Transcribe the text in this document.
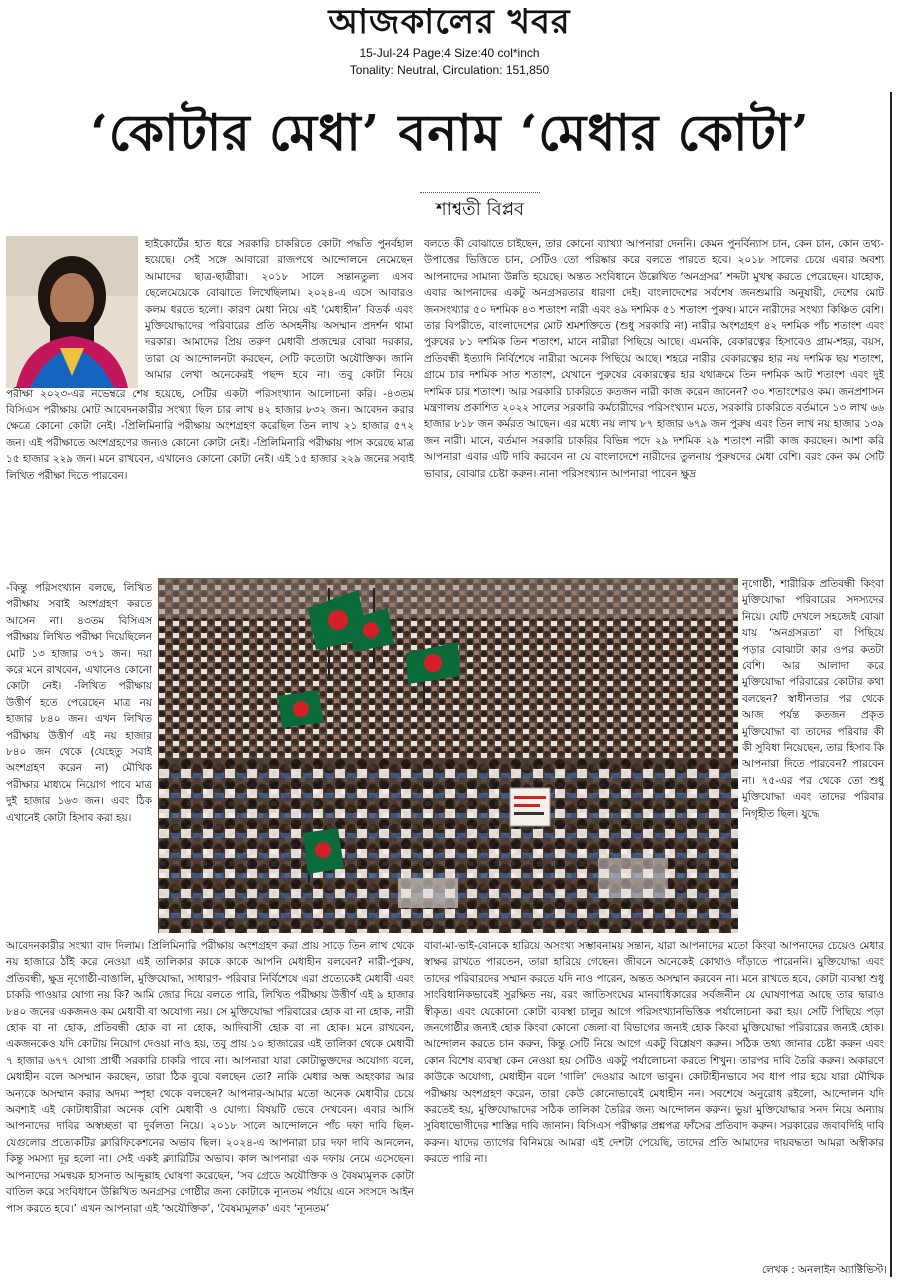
আজকালের খবর
15-Jul-24 Page:4 Size:40 col*inch
Tonality: Neutral, Circulation: 151,850
‘কোটার মেধা’ বনাম ‘মেধার কোটা’
শাশ্বতী বিপ্লব

হাইকোর্টের হাত ধরে সরকারি চাকরিতে কোটা পদ্ধতি পুনর্বহাল হয়েছে। সেই সঙ্গে আবারো রাজপথে আন্দোলনে নেমেছেন আমাদের ছাত্র-ছাত্রীরা। ২০১৮ সালে সন্তানতুল্য এসব ছেলেমেয়েকে বোঝাতে লিখেছিলাম। ২০২৪-এ এসে আবারও কলম ধরতে হলো। কারণ মেধা নিয়ে এই ‘মেধাহীন’ বিতর্ক এবং মুক্তিযোদ্ধাদের পরিবারের প্রতি অসহনীয় অসম্মান প্রদর্শন থামা দরকার। আমাদের প্রিয় তরুণ মেধাবী প্রজন্মের বোঝা দরকার, তারা যে আন্দোলনটা করছেন, সেটি কতোটা অযৌক্তিক। জানি আমার লেখা অনেকেরই পছন্দ হবে না। তবু কোটা নিয়ে

বলতে কী বোঝাতে চাইছেন, তার কোনো ব্যাখ্যা আপনারা দেননি। কেমন পুনর্বিন্যাস চান, কেন চান, কোন তথ্য-উপাত্তের ভিত্তিতে চান, সেটিও তো পরিষ্কার করে বলতে পারতে হবে। ২০১৮ সালের চেয়ে এবার অবশ্য আপনাদের সামান্য উন্নতি হয়েছে। অন্তত সংবিধানে উল্লেখিত ‘অনগ্রসর’ শব্দটা মুখস্থ করতে পেরেছেন। যাহোক, এবার আপনাদের একটু অনগ্রসরতার ধারণা দেই। বাংলাদেশের সর্বশেষ জনশুমারি অনুযায়ী, দেশের মোট জনসংখ্যার ৫০ দশমিক ৪৩ শতাংশ নারী এবং ৪৯ দশমিক ৫১ শতাংশ পুরুষ। মানে নারীদের সংখ্যা কিঞ্চিত বেশি। তার বিপরীতে, বাংলাদেশের মোট শ্রমশক্তিতে (শুধু সরকারি না) নারীর অংশগ্রহণ ৪২ দশমিক পাঁচ শতাংশ এবং পুরুষের ৮১ দশমিক তিন শতাংশ, মানে নারীরা পিছিয়ে আছে। এমনকি, বেকারত্বের হিসাবেও গ্রাম-শহর, বয়স, প্রতিবন্ধী ইত্যাদি নির্বিশেষে নারীরা অনেক পিছিয়ে আছে। শহরে নারীর বেকারত্বের হার নয় দশমিক ছয় শতাংশ, গ্রামে চার দশমিক সাত শতাংশ, যেখানে পুরুষের বেকারত্বের হার যথাক্রমে তিন দশমিক আট শতাংশ এবং দুই দশমিক চার শতাংশ। আর সরকারি চাকরিতে কতজন নারী কাজ করেন জানেন? ৩০ শতাংশেরও কম। জনপ্রশাসন মন্ত্রণালয় প্রকাশিত ২০২২ সালের সরকারি কর্মচারীদের পরিসংখ্যান মতে, সরকারি চাকরিতে বর্তমানে ১৩ লাখ ৬৬ হাজার ৮১৮ জন কর্মরত আছেন। এর মধ্যে নয় লাখ ৮৭ হাজার ৬৭৯ জন পুরুষ এবং তিন লাখ নয় হাজার ১৩৯ জন নারী। মানে, বর্তমান সরকারি চাকরির বিভিন্ন পদে ২৯ দশমিক ২৯ শতাংশ নারী কাজ করছেন। আশা করি আপনারা এবার এটি দাবি করবেন না যে বাংলাদেশে নারীদের তুলনায় পুরুষদের মেধা বেশি। বরং কেন কম সেটি ভাবার, বোঝার চেষ্টা করুন। নানা পরিসংখ্যান আপনারা পাবেন ক্ষুদ্র

পরীক্ষা ২০২৩-এর নভেম্বরে শেষ হয়েছে, সেটির একটা পরিসংখ্যান আলোচনা করি। -৪৩তম বিসিএস পরীক্ষায় মোট আবেদনকারীর সংখ্যা ছিল চার লাখ ৪২ হাজার ৮৩২ জন। আবেদন করার ক্ষেত্রে কোনো কোটা নেই। -প্রিলিমিনারি পরীক্ষায় অংশগ্রহণ করেছিল তিন লাখ ২১ হাজার ৫৭২ জন। এই পরীক্ষাতে অংশগ্রহণের জন্যও কোনো কোটা নেই। -প্রিলিমিনারি পরীক্ষায় পাস করেছে মাত্র ১৫ হাজার ২২৯ জন। মনে রাখবেন, এখানেও কোনো কোটা নেই। এই ১৫ হাজার ২২৯ জনের সবাই লিখিত পরীক্ষা দিতে পারবেন।

-কিন্তু পরিসংখ্যান বলছে, লিখিত পরীক্ষায় সবাই অংশগ্রহণ করতে আসেন না। ৪৩তম বিসিএস পরীক্ষায় লিখিত পরীক্ষা দিয়েছিলেন মোট ১৩ হাজার ৩৭১ জন। দয়া করে মনে রাখবেন, এখানেও কোনো কোটা নেই। -লিখিত পরীক্ষায় উত্তীর্ণ হতে পেরেছেন মাত্র নয় হাজার ৮৪০ জন। এখন লিখিত পরীক্ষায় উত্তীর্ণ এই নয় হাজার ৮৪০ জন থেকে (যেহেতু সবাই অংশগ্রহণ করেন না) মৌখিক পরীক্ষার মাধ্যমে নিয়োগ পাবে মাত্র দুই হাজার ১৬৩ জন। এবং ঠিক এখানেই কোটা হিসাব করা হয়।

নৃগোষ্ঠী, শারীরিক প্রতিবন্ধী কিংবা মুক্তিযোদ্ধা পরিবারের সদস্যদের নিয়ে। যেটি দেখলে সহজেই বোঝা যায় ‘অনগ্রসরতা’ বা পিছিয়ে পড়ার বোঝাটা কার ওপর কতটা বেশি। আর আলাদা করে মুক্তিযোদ্ধা পরিবারের কোটার কথা বলছেন? স্বাধীনতার পর থেকে আজ পর্যন্ত কতজন প্রকৃত মুক্তিযোদ্ধা বা তাদের পরিবার কী কী সুবিধা নিয়েছেন, তার হিসাব কি আপনারা দিতে পারবেন? পারবেন না। ৭৫-এর পর থেকে তো শুধু মুক্তিযোদ্ধা এবং তাদের পরিবার নিগৃহীত ছিল। যুদ্ধে

আবেদনকারীর সংখ্যা বাদ দিলাম। প্রিলিমিনারি পরীক্ষায় অংশগ্রহণ করা প্রায় সাড়ে তিন লাখ থেকে নয় হাজারে ঠাঁই করে নেওয়া এই তালিকার কাকে কাকে আপনি মেধাহীন বলবেন? নারী-পুরুষ, প্রতিবন্ধী, ক্ষুদ্র নৃগোষ্ঠী-বাঙালি, মুক্তিযোদ্ধা, সাধারণ- পরিবার নির্বিশেষে এরা প্রত্যেকেই মেধাবী এবং চাকরি পাওয়ার যোগ্য নয় কি? আমি জোর দিয়ে বলতে পারি, লিখিত পরীক্ষায় উত্তীর্ণ এই ৯ হাজার ৮৪০ জনের একজনও কম মেধাবী বা অযোগ্য নয়। সে মুক্তিযোদ্ধা পরিবারের হোক বা না হোক, নারী হোক বা না হোক, প্রতিবন্ধী হোক বা না হোক, আদিবাসী হোক বা না হোক। মনে রাখবেন, একজনকেও যদি কোটায় নিয়োগ দেওয়া নাও হয়, তবু প্রায় ১০ হাজারের এই তালিকা থেকে মেধাবী ৭ হাজার ৬৭৭ যোগ্য প্রার্থী সরকারি চাকরি পাবে না। আপনারা যারা কোটাভুক্তদের অযোগ্য বলে, মেধাহীন বলে অসম্মান করছেন, তারা ঠিক বুঝে বলছেন তো? নাকি মেধার অন্ধ অহংকার আর অন্যকে অসম্মান করার অদম্য স্পৃহা থেকে বলছেন? আপনার-আমার মতো অনেক মেধাবীর চেয়ে অবশ্যই এই কোটাধারীরা অনেক বেশি মেধাবী ও যোগ্য। বিষয়টি ভেবে দেখবেন। এবার আসি আপনাদের দাবির অস্বচ্ছতা বা দুর্বলতা নিয়ে। ২০১৮ সালে আন্দোলনে পাঁচ দফা দাবি ছিল- যেগুলোর প্রত্যেকটির ক্লারিফিকেশনের অভাব ছিল। ২০২৪-এ আপনারা চার দফা দাবি আনলেন, কিন্তু সমস্যা দূর হলো না। সেই একই ক্ল্যারিটির অভাব। কাল আপনারা এক দফায় নেমে এসেছেন। আপনাদের সমন্বয়ক হাসনাত আব্দুল্লাহ ঘোষণা করেছেন, ‘সব গ্রেডে অযৌক্তিক ও বৈষম্যমূলক কোটা বাতিল করে সংবিধানে উল্লিখিত অনগ্রসর গোষ্ঠীর জন্য কোটাকে ন্যূনতম পর্যায়ে এনে সংসদে আইন পাস করতে হবে।’ এখন আপনারা এই ‘অযৌক্তিক’, ‘বৈষম্যমূলক’ এবং ‘ন্যূনতম’

বাবা-মা-ভাই-বোনকে হারিয়ে অসংখ্য সম্ভাবনাময় সন্তান, যারা আপনাদের মতো কিংবা আপনাদের চেয়েও মেধার স্বাক্ষর রাখতে পারতেন, তারা হারিয়ে গেছেন। জীবনে অনেকেই কোথাও দাঁড়াতে পারেননি। মুক্তিযোদ্ধা এবং তাদের পরিবারদের সম্মান করতে যদি নাও পারেন, অন্তত অসম্মান করবেন না। মনে রাখতে হবে, কোটা ব্যবস্থা শুধু সাংবিধানিকভাবেই সুরক্ষিত নয়, বরং জাতিসংঘের মানবাধিকারের সর্বজনীন যে ঘোষণাপত্র আছে তার দ্বারাও স্বীকৃত। এবং যেকোনো কোটা ব্যবস্থা চালুর আগে পরিসংখ্যানভিত্তিক পর্যালোচনা করা হয়। সেটি পিছিয়ে পড়া জনগোষ্ঠীর জন্যই হোক কিংবা কোনো জেলা বা বিভাগের জন্যই হোক কিংবা মুক্তিযোদ্ধা পরিবারের জন্যই হোক। আন্দোলন করতে চান করুন, কিন্তু সেটি নিয়ে আগে একটু বিশ্লেষণ করুন। সঠিক তথ্য জানার চেষ্টা করুন এবং কোন বিশেষ ব্যবস্থা কেন নেওয়া হয় সেটিও একটু পর্যালোচনা করতে শিখুন। তারপর দাবি তৈরি করুন। অকারণে কাউকে অযোগ্য, মেধাহীন বলে ‘গালি’ দেওয়ার আগে ভাবুন। কোটাহীনভাবে সব ধাপ পার হয়ে যারা মৌখিক পরীক্ষায় অংশগ্রহণ করেন, তারা কেউ কোনোভাবেই মেধাহীন নন। সবশেষে অনুরোধ রইলো, আন্দোলন যদি করতেই হয়, মুক্তিযোদ্ধাদের সঠিক তালিকা তৈরির জন্য আন্দোলন করুন। ভুয়া মুক্তিযোদ্ধার সনদ নিয়ে অন্যায় সুবিধাভোগীদের শাস্তির দাবি জানান। বিসিএস পরীক্ষার প্রশ্নপত্র ফাঁসের প্রতিবাদ করুন। সরকারের জবাবদিহি দাবি করুন। যাদের ত্যাগের বিনিময়ে আমরা এই দেশটা পেয়েছি, তাদের প্রতি আমাদের দায়বদ্ধতা আমরা অস্বীকার করতে পারি না।

লেখক : অনলাইন অ্যাক্টিভিস্ট।
